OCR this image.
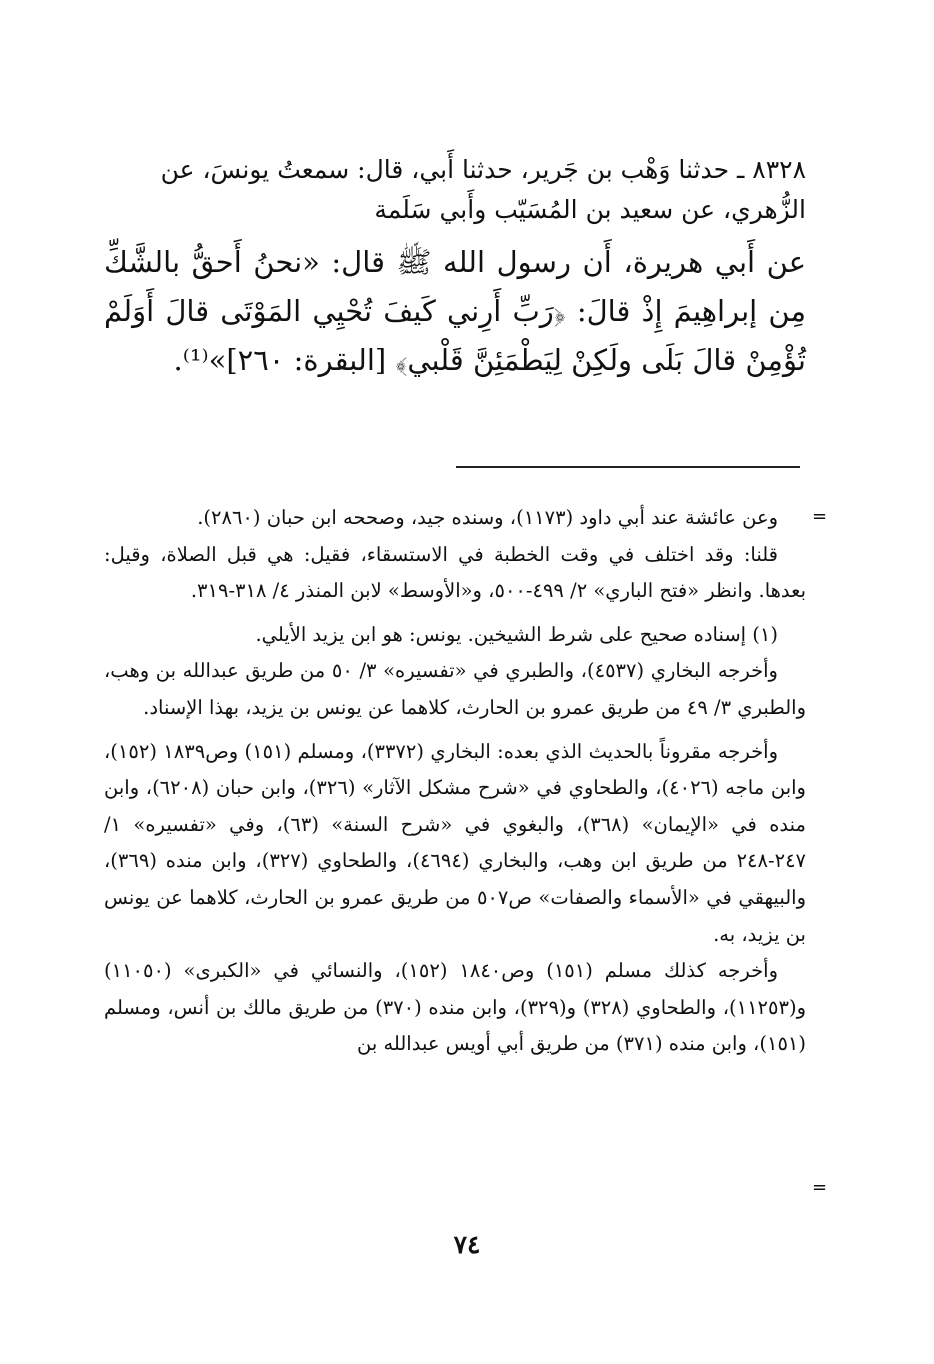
٨٣٢٨ ـ حدثنا وَهْب بن جَرير، حدثنا أَبي، قال: سمعتُ يونسَ، عن

الزُّهري، عن سعيد بن المُسَيّب وأَبي سَلَمة

عن أَبي هريرة، أَن رسول الله ﷺ قال: «نحنُ أَحقُّ بالشَّكِّ مِن إبراهِيمَ إِذْ قالَ: ﴿رَبِّ أَرِني كَيفَ تُحْيِي المَوْتَى قالَ أَوَلَمْ تُؤْمِنْ قالَ بَلَى ولَكِنْ لِيَطْمَئِنَّ قَلْبي﴾ [البقرة: ٢٦٠]»⁽¹⁾.

=

وعن عائشة عند أبي داود (١١٧٣)، وسنده جيد، وصححه ابن حبان (٢٨٦٠).

قلنا: وقد اختلف في وقت الخطبة في الاستسقاء، فقيل: هي قبل الصلاة، وقيل: بعدها. وانظر «فتح الباري» ٢/ ٤٩٩-٥٠٠، و«الأوسط» لابن المنذر ٤/ ٣١٨-٣١٩.

(١) إسناده صحيح على شرط الشيخين. يونس: هو ابن يزيد الأيلي.

وأخرجه البخاري (٤٥٣٧)، والطبري في «تفسيره» ٣/ ٥٠ من طريق عبدالله بن وهب، والطبري ٣/ ٤٩ من طريق عمرو بن الحارث، كلاهما عن يونس بن يزيد، بهذا الإسناد.

وأخرجه مقروناً بالحديث الذي بعده: البخاري (٣٣٧٢)، ومسلم (١٥١) وص١٨٣٩ (١٥٢)، وابن ماجه (٤٠٢٦)، والطحاوي في «شرح مشكل الآثار» (٣٢٦)، وابن حبان (٦٢٠٨)، وابن منده في «الإيمان» (٣٦٨)، والبغوي في «شرح السنة» (٦٣)، وفي «تفسيره» ١/ ٢٤٧-٢٤٨ من طريق ابن وهب، والبخاري (٤٦٩٤)، والطحاوي (٣٢٧)، وابن منده (٣٦٩)، والبيهقي في «الأسماء والصفات» ص٥٠٧ من طريق عمرو بن الحارث، كلاهما عن يونس بن يزيد، به.

وأخرجه كذلك مسلم (١٥١) وص١٨٤٠ (١٥٢)، والنسائي في «الكبرى» (١١٠٥٠) و(١١٢٥٣)، والطحاوي (٣٢٨) و(٣٢٩)، وابن منده (٣٧٠) من طريق مالك بن أنس، ومسلم (١٥١)، وابن منده (٣٧١) من طريق أبي أويس عبدالله بن

=
٧٤
